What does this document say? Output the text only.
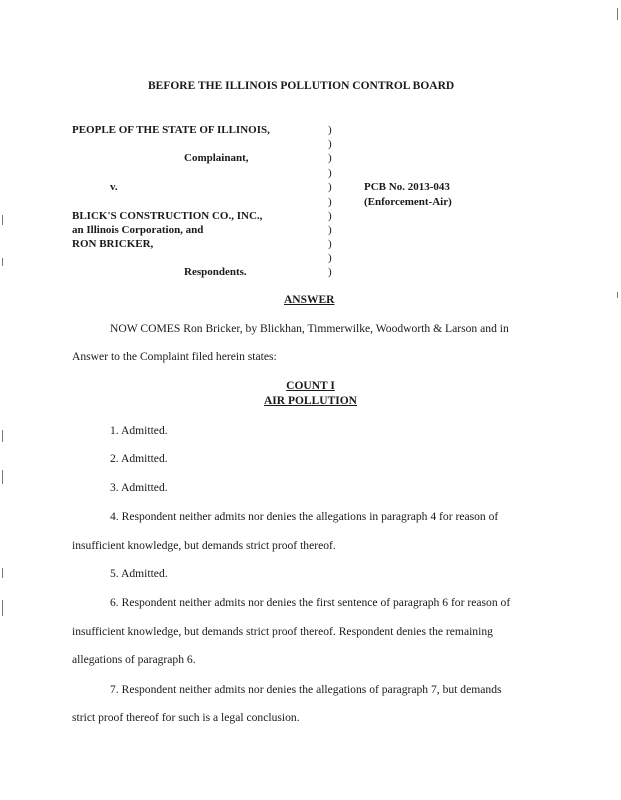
BEFORE THE ILLINOIS POLLUTION CONTROL BOARD
PEOPLE OF THE STATE OF ILLINOIS,
Complainant,
v.
BLICK'S CONSTRUCTION CO., INC.,
an Illinois Corporation, and
RON BRICKER,
Respondents.
)
)
)
)
)
)
)
)
)
)
)
PCB No. 2013-043
(Enforcement-Air)
ANSWER
NOW COMES Ron Bricker, by Blickhan, Timmerwilke, Woodworth & Larson and in
Answer to the Complaint filed herein states:
COUNT I
AIR POLLUTION
1. Admitted.
2. Admitted.
3. Admitted.
4. Respondent neither admits nor denies the allegations in paragraph 4 for reason of
insufficient knowledge, but demands strict proof thereof.
5. Admitted.
6. Respondent neither admits nor denies the first sentence of paragraph 6 for reason of
insufficient knowledge, but demands strict proof thereof. Respondent denies the remaining
allegations of paragraph 6.
7. Respondent neither admits nor denies the allegations of paragraph 7, but demands
strict proof thereof for such is a legal conclusion.
